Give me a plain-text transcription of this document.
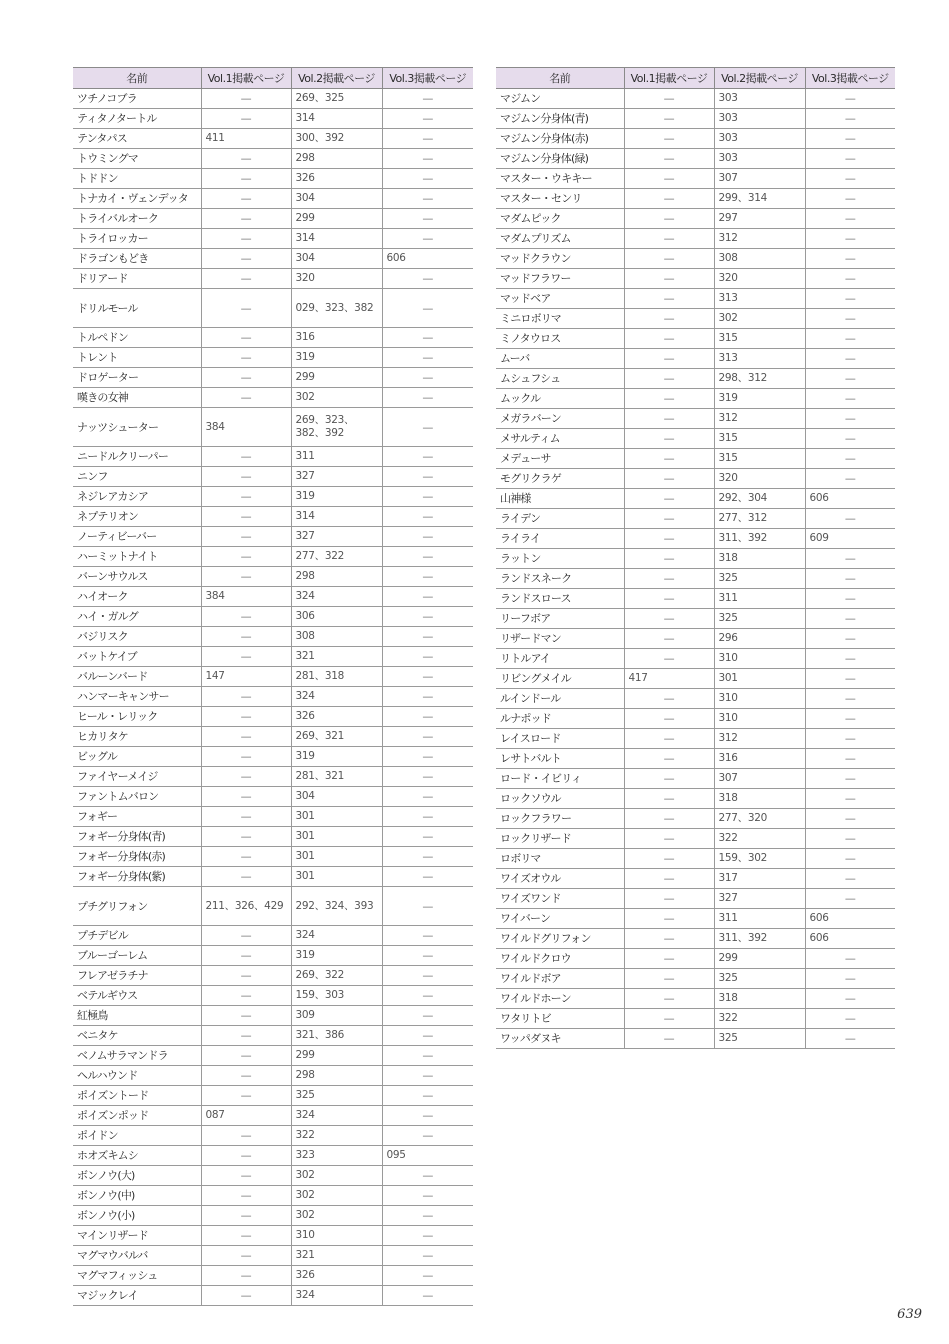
名前	Vol.1掲載ページ	Vol.2掲載ページ	Vol.3掲載ページ
ツチノコブラ	—	269、325	—
ティタノタートル	—	314	—
テンタパス	411	300、392	—
トウミングマ	—	298	—
トドドン	—	326	—
トナカイ・ヴェンデッタ	—	304	—
トライバルオーク	—	299	—
トライロッカー	—	314	—
ドラゴンもどき	—	304	606
ドリアード	—	320	—
ドリルモール	—	029、323、382	—
トルペドン	—	316	—
トレント	—	319	—
ドロゲーター	—	299	—
嘆きの女神	—	302	—
ナッツシューター	384	269、323、382、392	—
ニードルクリーパー	—	311	—
ニンフ	—	327	—
ネジレアカシア	—	319	—
ネプテリオン	—	314	—
ノーティビーバー	—	327	—
ハーミットナイト	—	277、322	—
バーンサウルス	—	298	—
ハイオーク	384	324	—
ハイ・ガルグ	—	306	—
バジリスク	—	308	—
バットケイブ	—	321	—
バルーンバード	147	281、318	—
ハンマーキャンサー	—	324	—
ヒール・レリック	—	326	—
ヒカリタケ	—	269、321	—
ビッグル	—	319	—
ファイヤーメイジ	—	281、321	—
ファントムバロン	—	304	—
フォギー	—	301	—
フォギー分身体(青)	—	301	—
フォギー分身体(赤)	—	301	—
フォギー分身体(紫)	—	301	—
プチグリフォン	211、326、429	292、324、393	—
プチデビル	—	324	—
ブルーゴーレム	—	319	—
フレアゼラチナ	—	269、322	—
ベテルギウス	—	159、303	—
紅極鳥	—	309	—
ベニタケ	—	321、386	—
ベノムサラマンドラ	—	299	—
ヘルハウンド	—	298	—
ポイズントード	—	325	—
ポイズンポッド	087	324	—
ポイドン	—	322	—
ホオズキムシ	—	323	095
ボンノウ(大)	—	302	—
ボンノウ(中)	—	302	—
ボンノウ(小)	—	302	—
マインリザード	—	310	—
マグマウバルバ	—	321	—
マグマフィッシュ	—	326	—
マジックレイ	—	324	—
名前	Vol.1掲載ページ	Vol.2掲載ページ	Vol.3掲載ページ
マジムン	—	303	—
マジムン分身体(青)	—	303	—
マジムン分身体(赤)	—	303	—
マジムン分身体(緑)	—	303	—
マスター・ウキキー	—	307	—
マスター・センリ	—	299、314	—
マダムピック	—	297	—
マダムプリズム	—	312	—
マッドクラウン	—	308	—
マッドフラワー	—	320	—
マッドベア	—	313	—
ミニロボリマ	—	302	—
ミノタウロス	—	315	—
ムーバ	—	313	—
ムシュフシュ	—	298、312	—
ムックル	—	319	—
メガラバーン	—	312	—
メサルティム	—	315	—
メデューサ	—	315	—
モグリクラゲ	—	320	—
山神様	—	292、304	606
ライデン	—	277、312	—
ライライ	—	311、392	609
ラットン	—	318	—
ランドスネーク	—	325	—
ランドスロース	—	311	—
リーフボア	—	325	—
リザードマン	—	296	—
リトルアイ	—	310	—
リビングメイル	417	301	—
ルインドール	—	310	—
ルナポッド	—	310	—
レイスロード	—	312	—
レサトバルト	—	316	—
ロード・イビリィ	—	307	—
ロックソウル	—	318	—
ロックフラワー	—	277、320	—
ロックリザード	—	322	—
ロボリマ	—	159、302	—
ワイズオウル	—	317	—
ワイズワンド	—	327	—
ワイバーン	—	311	606
ワイルドグリフォン	—	311、392	606
ワイルドクロウ	—	299	—
ワイルドボア	—	325	—
ワイルドホーン	—	318	—
ワタリトビ	—	322	—
ワッパダヌキ	—	325	—
639
